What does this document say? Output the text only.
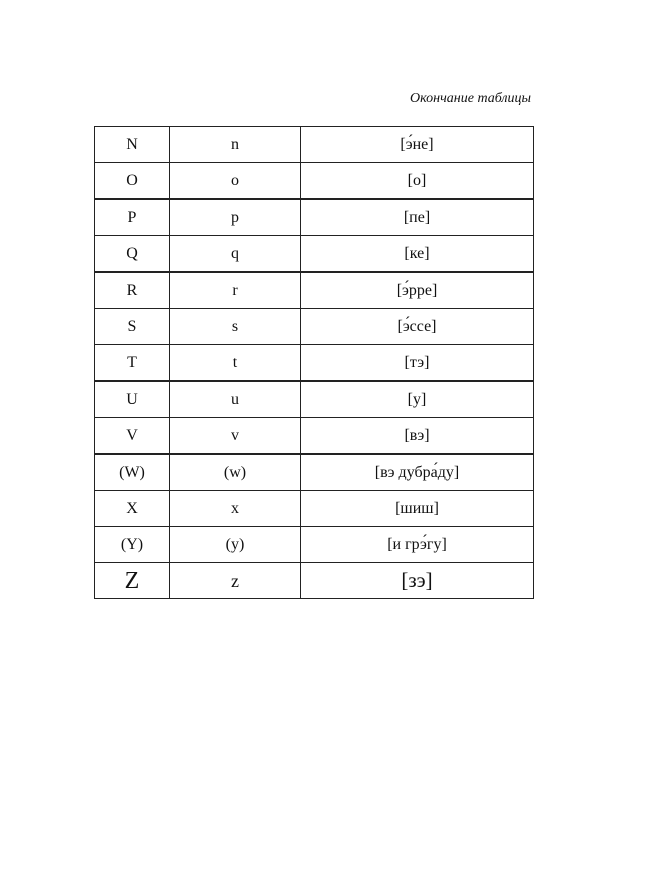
Окончание таблицы
N	n	[э́не]
O	o	[о]
P	p	[пе]
Q	q	[ке]
R	r	[э́рре]
S	s	[э́ссе]
T	t	[тэ]
U	u	[у]
V	v	[вэ]
(W)	(w)	[вэ дубра́ду]
X	x	[шиш]
(Y)	(y)	[и грэ́гу]
Z	z	[зэ]
